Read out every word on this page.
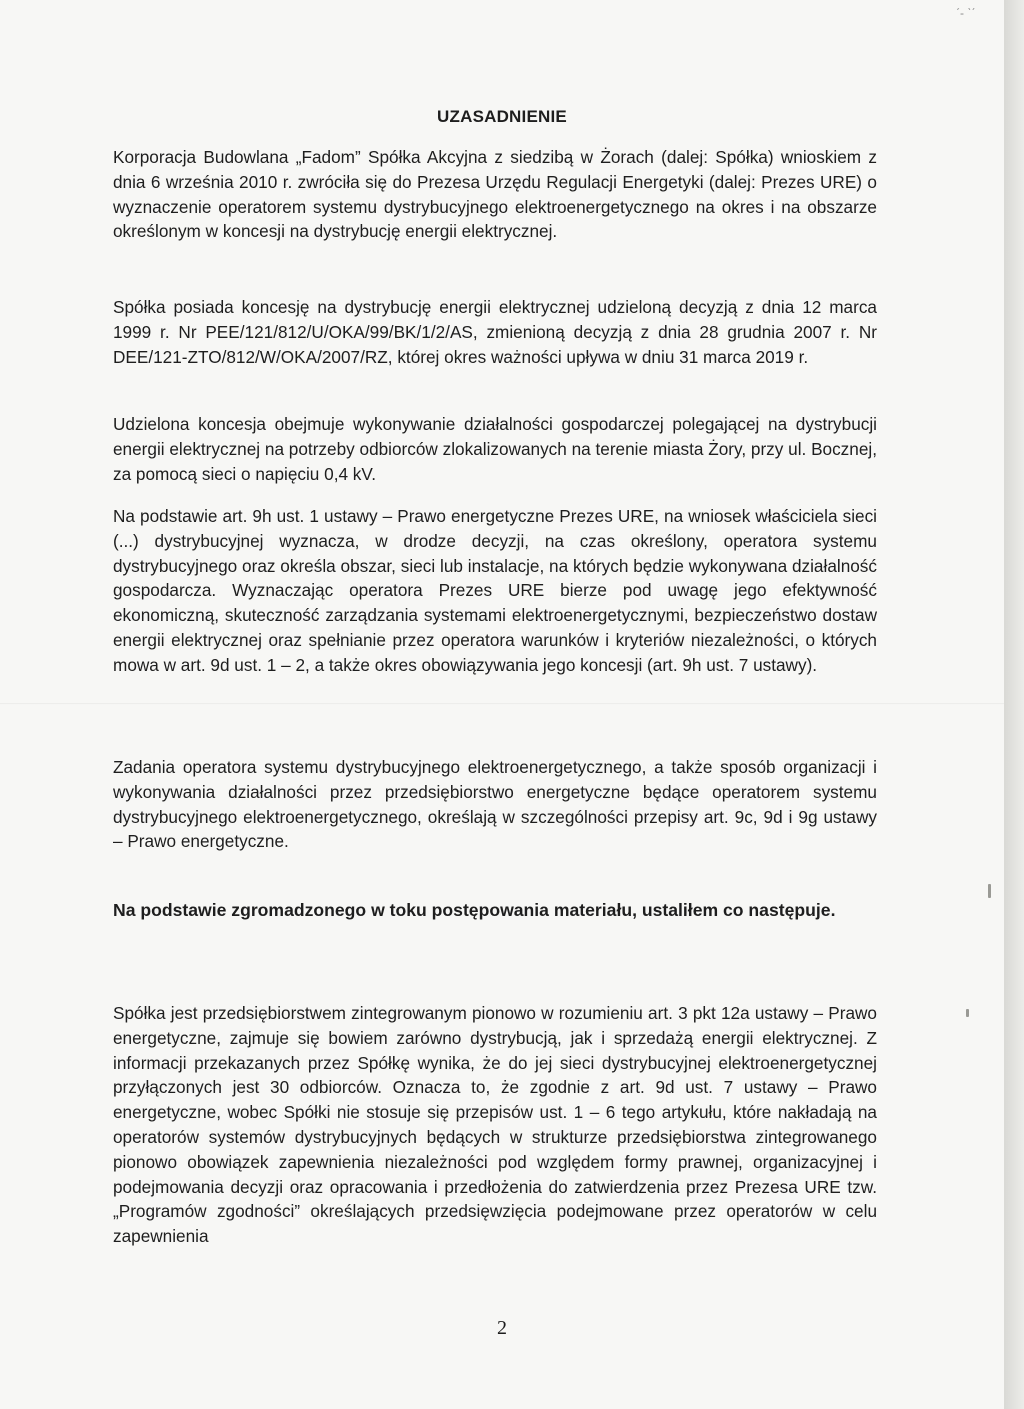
ˊ- ˋˊ
UZASADNIENIE

Korporacja Budowlana „Fadom” Spółka Akcyjna z siedzibą w Żorach (dalej: Spółka) wnioskiem z dnia 6 września 2010 r. zwróciła się do Prezesa Urzędu Regulacji Energetyki (dalej: Prezes URE) o wyznaczenie operatorem systemu dystrybucyjnego elektroenergetycznego na okres i na obszarze określonym w koncesji na dystrybucję energii elektrycznej.

Spółka posiada koncesję na dystrybucję energii elektrycznej udzieloną decyzją z dnia 12 marca 1999 r. Nr PEE/121/812/U/OKA/99/BK/1/2/AS, zmienioną decyzją z dnia 28 grudnia 2007 r. Nr DEE/121-ZTO/812/W/OKA/2007/RZ, której okres ważności upływa w dniu 31 marca 2019 r.

Udzielona koncesja obejmuje wykonywanie działalności gospodarczej polegającej na dystrybucji energii elektrycznej na potrzeby odbiorców zlokalizowanych na terenie miasta Żory, przy ul. Bocznej, za pomocą sieci o napięciu 0,4 kV.

Na podstawie art. 9h ust. 1 ustawy – Prawo energetyczne Prezes URE, na wniosek właściciela sieci (...) dystrybucyjnej wyznacza, w drodze decyzji, na czas określony, operatora systemu dystrybucyjnego oraz określa obszar, sieci lub instalacje, na których będzie wykonywana działalność gospodarcza. Wyznaczając operatora Prezes URE bierze pod uwagę jego efektywność ekonomiczną, skuteczność zarządzania systemami elektroenergetycznymi, bezpieczeństwo dostaw energii elektrycznej oraz spełnianie przez operatora warunków i kryteriów niezależności, o których mowa w art. 9d ust. 1 – 2, a także okres obowiązywania jego koncesji (art. 9h ust. 7 ustawy).

Zadania operatora systemu dystrybucyjnego elektroenergetycznego, a także sposób organizacji i wykonywania działalności przez przedsiębiorstwo energetyczne będące operatorem systemu dystrybucyjnego elektroenergetycznego, określają w szczególności przepisy art. 9c, 9d i 9g ustawy – Prawo energetyczne.

Na podstawie zgromadzonego w toku postępowania materiału, ustaliłem co następuje.

Spółka jest przedsiębiorstwem zintegrowanym pionowo w rozumieniu art. 3 pkt 12a ustawy – Prawo energetyczne, zajmuje się bowiem zarówno dystrybucją, jak i sprzedażą energii elektrycznej. Z informacji przekazanych przez Spółkę wynika, że do jej sieci dystrybucyjnej elektroenergetycznej przyłączonych jest 30 odbiorców. Oznacza to, że zgodnie z art. 9d ust. 7 ustawy – Prawo energetyczne, wobec Spółki nie stosuje się przepisów ust. 1 – 6 tego artykułu, które nakładają na operatorów systemów dystrybucyjnych będących w strukturze przedsiębiorstwa zintegrowanego pionowo obowiązek zapewnienia niezależności pod względem formy prawnej, organizacyjnej i podejmowania decyzji oraz opracowania i przedłożenia do zatwierdzenia przez Prezesa URE tzw. „Programów zgodności” określających przedsięwzięcia podejmowane przez operatorów w celu zapewnienia

2
